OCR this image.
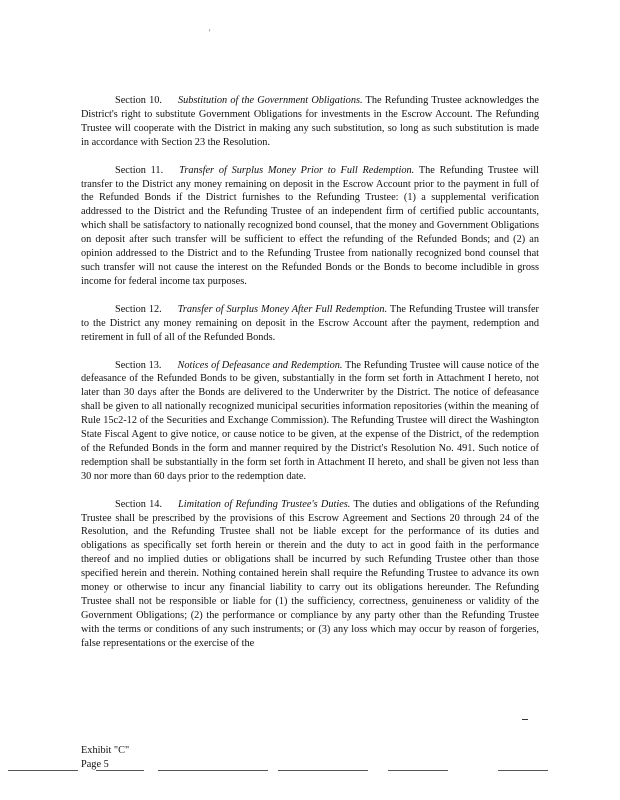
'

Section 10. Substitution of the Government Obligations. The Refunding Trustee acknowledges the District's right to substitute Government Obligations for investments in the Escrow Account. The Refunding Trustee will cooperate with the District in making any such substitution, so long as such substitution is made in accordance with Section 23 the Resolution.

Section 11. Transfer of Surplus Money Prior to Full Redemption. The Refunding Trustee will transfer to the District any money remaining on deposit in the Escrow Account prior to the payment in full of the Refunded Bonds if the District furnishes to the Refunding Trustee: (1) a supplemental verification addressed to the District and the Refunding Trustee of an independent firm of certified public accountants, which shall be satisfactory to nationally recognized bond counsel, that the money and Government Obligations on deposit after such transfer will be sufficient to effect the refunding of the Refunded Bonds; and (2) an opinion addressed to the District and to the Refunding Trustee from nationally recognized bond counsel that such transfer will not cause the interest on the Refunded Bonds or the Bonds to become includible in gross income for federal income tax purposes.

Section 12. Transfer of Surplus Money After Full Redemption. The Refunding Trustee will transfer to the District any money remaining on deposit in the Escrow Account after the payment, redemption and retirement in full of all of the Refunded Bonds.

Section 13. Notices of Defeasance and Redemption. The Refunding Trustee will cause notice of the defeasance of the Refunded Bonds to be given, substantially in the form set forth in Attachment I hereto, not later than 30 days after the Bonds are delivered to the Underwriter by the District. The notice of defeasance shall be given to all nationally recognized municipal securities information repositories (within the meaning of Rule 15c2-12 of the Securities and Exchange Commission). The Refunding Trustee will direct the Washington State Fiscal Agent to give notice, or cause notice to be given, at the expense of the District, of the redemption of the Refunded Bonds in the form and manner required by the District's Resolution No. 491. Such notice of redemption shall be substantially in the form set forth in Attachment II hereto, and shall be given not less than 30 nor more than 60 days prior to the redemption date.

Section 14. Limitation of Refunding Trustee's Duties. The duties and obligations of the Refunding Trustee shall be prescribed by the provisions of this Escrow Agreement and Sections 20 through 24 of the Resolution, and the Refunding Trustee shall not be liable except for the performance of its duties and obligations as specifically set forth herein or therein and the duty to act in good faith in the performance thereof and no implied duties or obligations shall be incurred by such Refunding Trustee other than those specified herein and therein. Nothing contained herein shall require the Refunding Trustee to advance its own money or otherwise to incur any financial liability to carry out its obligations hereunder. The Refunding Trustee shall not be responsible or liable for (1) the sufficiency, correctness, genuineness or validity of the Government Obligations; (2) the performance or compliance by any party other than the Refunding Trustee with the terms or conditions of any such instruments; or (3) any loss which may occur by reason of forgeries, false representations or the exercise of the

Exhibit "C"
Page 5
